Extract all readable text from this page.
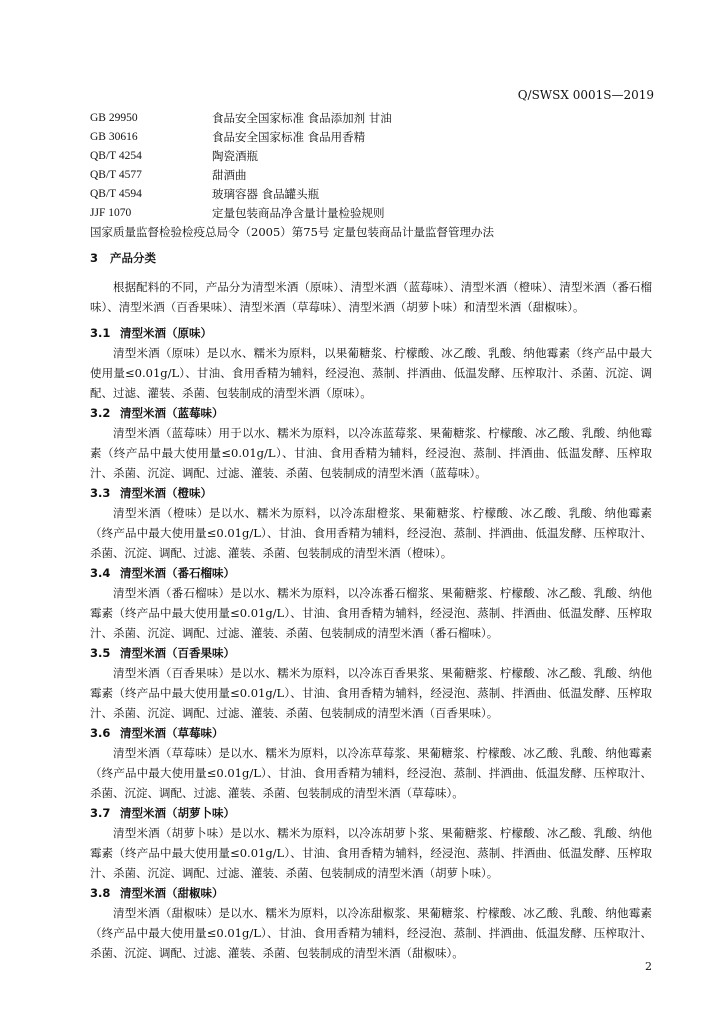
Q/SWSX 0001S—2019
GB 29950	食品安全国家标准 食品添加剂 甘油
GB 30616	食品安全国家标准 食品用香精
QB/T 4254	陶瓷酒瓶
QB/T 4577	甜酒曲
QB/T 4594	玻璃容器 食品罐头瓶
JJF 1070	定量包装商品净含量计量检验规则
国家质量监督检验检疫总局令（2005）第75号 定量包装商品计量监督管理办法
3 产品分类

根据配料的不同，产品分为清型米酒（原味）、清型米酒（蓝莓味）、清型米酒（橙味）、清型米酒（番石榴味）、清型米酒（百香果味）、清型米酒（草莓味）、清型米酒（胡萝卜味）和清型米酒（甜椒味）。

3.1 清型米酒（原味）

清型米酒（原味）是以水、糯米为原料，以果葡糖浆、柠檬酸、冰乙酸、乳酸、纳他霉素（终产品中最大使用量≤0.01g/L）、甘油、食用香精为辅料，经浸泡、蒸制、拌酒曲、低温发酵、压榨取汁、杀菌、沉淀、调配、过滤、灌装、杀菌、包装制成的清型米酒（原味）。

3.2 清型米酒（蓝莓味）

清型米酒（蓝莓味）用于以水、糯米为原料，以冷冻蓝莓浆、果葡糖浆、柠檬酸、冰乙酸、乳酸、纳他霉素（终产品中最大使用量≤0.01g/L）、甘油、食用香精为辅料，经浸泡、蒸制、拌酒曲、低温发酵、压榨取汁、杀菌、沉淀、调配、过滤、灌装、杀菌、包装制成的清型米酒（蓝莓味）。

3.3 清型米酒（橙味）

清型米酒（橙味）是以水、糯米为原料，以冷冻甜橙浆、果葡糖浆、柠檬酸、冰乙酸、乳酸、纳他霉素（终产品中最大使用量≤0.01g/L）、甘油、食用香精为辅料，经浸泡、蒸制、拌酒曲、低温发酵、压榨取汁、杀菌、沉淀、调配、过滤、灌装、杀菌、包装制成的清型米酒（橙味）。

3.4 清型米酒（番石榴味）

清型米酒（番石榴味）是以水、糯米为原料，以冷冻番石榴浆、果葡糖浆、柠檬酸、冰乙酸、乳酸、纳他霉素（终产品中最大使用量≤0.01g/L）、甘油、食用香精为辅料，经浸泡、蒸制、拌酒曲、低温发酵、压榨取汁、杀菌、沉淀、调配、过滤、灌装、杀菌、包装制成的清型米酒（番石榴味）。

3.5 清型米酒（百香果味）

清型米酒（百香果味）是以水、糯米为原料，以冷冻百香果浆、果葡糖浆、柠檬酸、冰乙酸、乳酸、纳他霉素（终产品中最大使用量≤0.01g/L）、甘油、食用香精为辅料，经浸泡、蒸制、拌酒曲、低温发酵、压榨取汁、杀菌、沉淀、调配、过滤、灌装、杀菌、包装制成的清型米酒（百香果味）。

3.6 清型米酒（草莓味）

清型米酒（草莓味）是以水、糯米为原料，以冷冻草莓浆、果葡糖浆、柠檬酸、冰乙酸、乳酸、纳他霉素（终产品中最大使用量≤0.01g/L）、甘油、食用香精为辅料，经浸泡、蒸制、拌酒曲、低温发酵、压榨取汁、杀菌、沉淀、调配、过滤、灌装、杀菌、包装制成的清型米酒（草莓味）。

3.7 清型米酒（胡萝卜味）

清型米酒（胡萝卜味）是以水、糯米为原料，以冷冻胡萝卜浆、果葡糖浆、柠檬酸、冰乙酸、乳酸、纳他霉素（终产品中最大使用量≤0.01g/L）、甘油、食用香精为辅料，经浸泡、蒸制、拌酒曲、低温发酵、压榨取汁、杀菌、沉淀、调配、过滤、灌装、杀菌、包装制成的清型米酒（胡萝卜味）。

3.8 清型米酒（甜椒味）

清型米酒（甜椒味）是以水、糯米为原料，以冷冻甜椒浆、果葡糖浆、柠檬酸、冰乙酸、乳酸、纳他霉素（终产品中最大使用量≤0.01g/L）、甘油、食用香精为辅料，经浸泡、蒸制、拌酒曲、低温发酵、压榨取汁、杀菌、沉淀、调配、过滤、灌装、杀菌、包装制成的清型米酒（甜椒味）。

2
